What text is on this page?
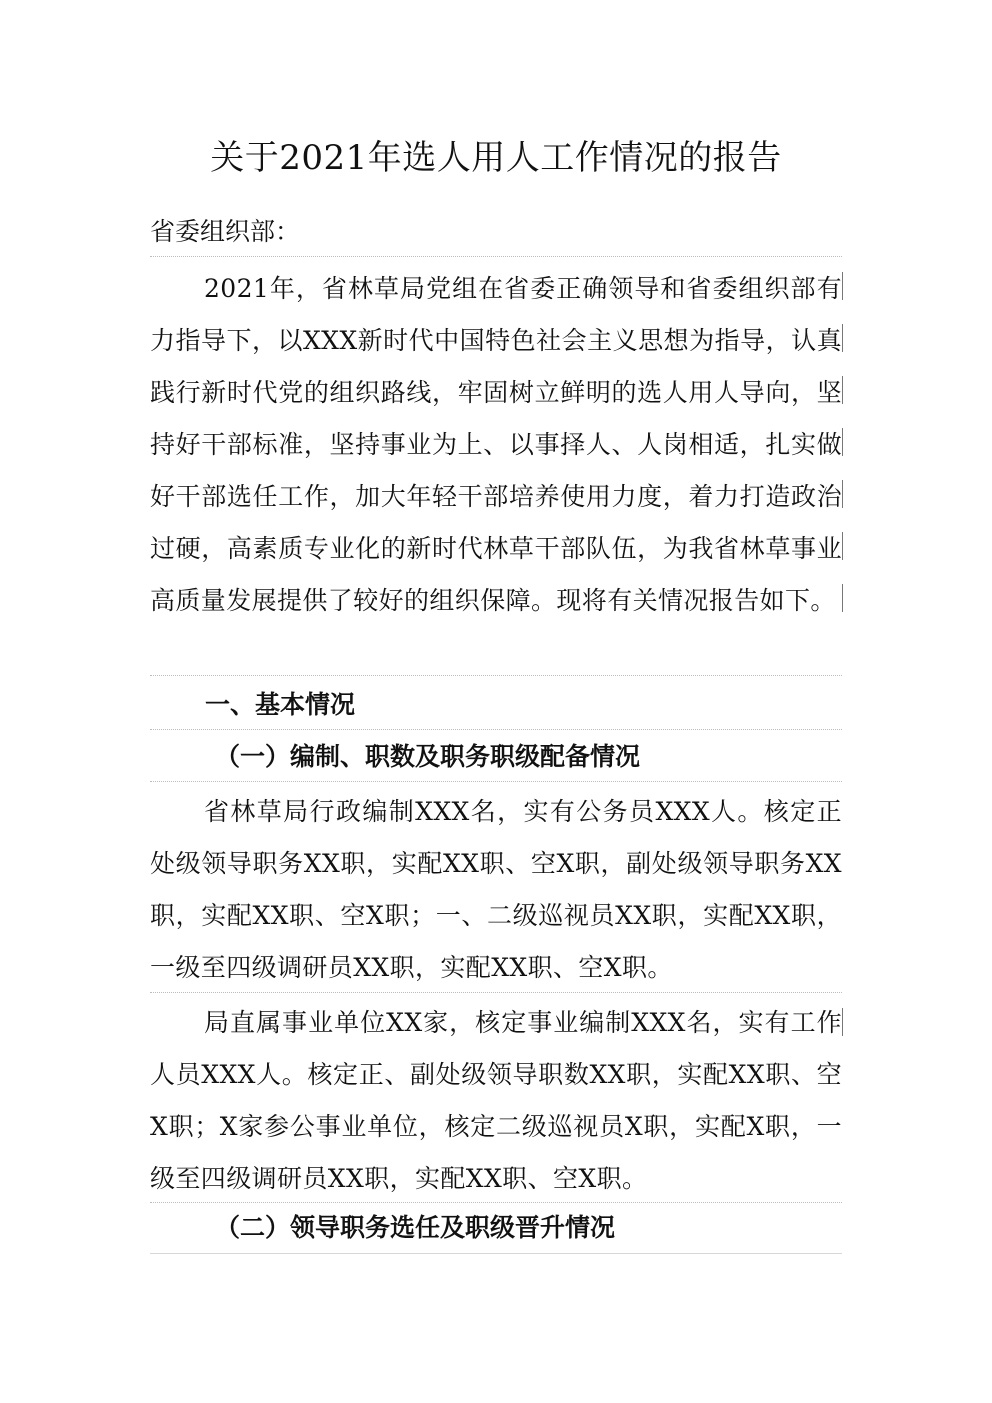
关于2021年选人用人工作情况的报告
省委组织部：
2021年，省林草局党组在省委正确领导和省委组织部有力指导下，以XXX新时代中国特色社会主义思想为指导，认真践行新时代党的组织路线，牢固树立鲜明的选人用人导向，坚持好干部标准，坚持事业为上、以事择人、人岗相适，扎实做好干部选任工作，加大年轻干部培养使用力度，着力打造政治过硬，高素质专业化的新时代林草干部队伍，为我省林草事业高质量发展提供了较好的组织保障。现将有关情况报告如下。
一、基本情况
（一）编制、职数及职务职级配备情况
省林草局行政编制XXX名，实有公务员XXX人。核定正处级领导职务XX职，实配XX职、空X职，副处级领导职务XX职，实配XX职、空X职；一、二级巡视员XX职，实配XX职，一级至四级调研员XX职，实配XX职、空X职。
局直属事业单位XX家，核定事业编制XXX名，实有工作人员XXX人。核定正、副处级领导职数XX职，实配XX职、空X职；X家参公事业单位，核定二级巡视员X职，实配X职，一级至四级调研员XX职，实配XX职、空X职。
（二）领导职务选任及职级晋升情况
